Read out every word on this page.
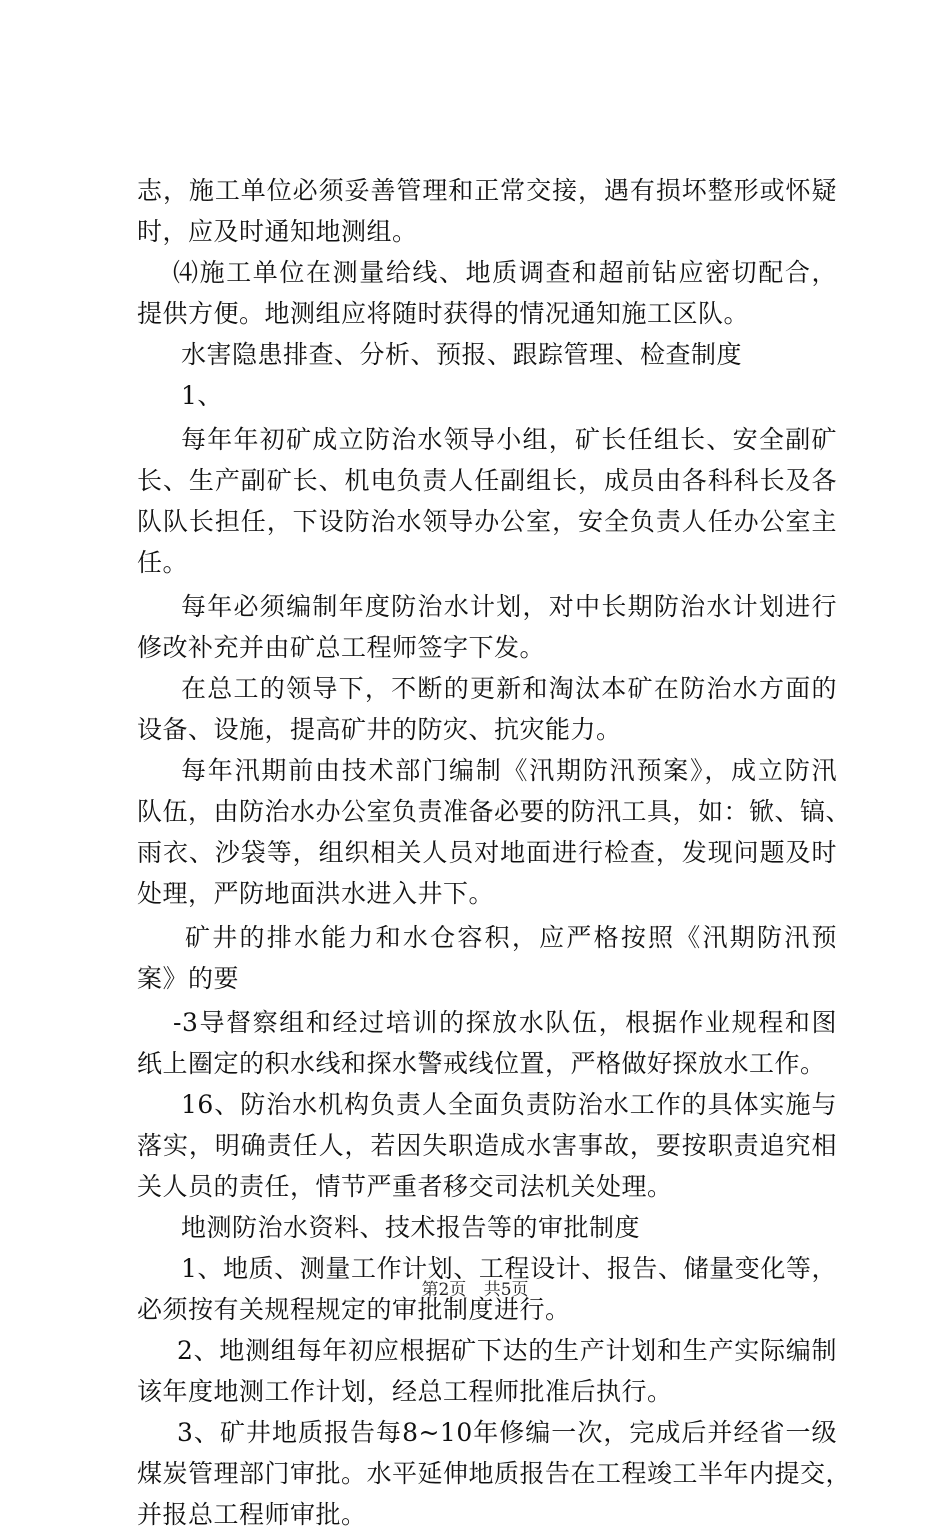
志，施工单位必须妥善管理和正常交接，遇有损坏整形或怀疑
时，应及时通知地测组。
⑷施工单位在测量给线、地质调查和超前钻应密切配合，
提供方便。地测组应将随时获得的情况通知施工区队。
水害隐患排查、分析、预报、跟踪管理、检查制度
1、
每年年初矿成立防治水领导小组，矿长任组长、安全副矿
长、生产副矿长、机电负责人任副组长，成员由各科科长及各
队队长担任，下设防治水领导办公室，安全负责人任办公室主
任。
每年必须编制年度防治水计划，对中长期防治水计划进行
修改补充并由矿总工程师签字下发。
在总工的领导下，不断的更新和淘汰本矿在防治水方面的
设备、设施，提高矿井的防灾、抗灾能力。
每年汛期前由技术部门编制《汛期防汛预案》，成立防汛
队伍，由防治水办公室负责准备必要的防汛工具，如：锨、镐、
雨衣、沙袋等，组织相关人员对地面进行检查，发现问题及时
处理，严防地面洪水进入井下。
矿井的排水能力和水仓容积，应严格按照《汛期防汛预
案》的要
-3导督察组和经过培训的探放水队伍，根据作业规程和图
纸上圈定的积水线和探水警戒线位置，严格做好探放水工作。
16、防治水机构负责人全面负责防治水工作的具体实施与
落实，明确责任人，若因失职造成水害事故，要按职责追究相
关人员的责任，情节严重者移交司法机关处理。
地测防治水资料、技术报告等的审批制度
1、地质、测量工作计划、工程设计、报告、储量变化等，
必须按有关规程规定的审批制度进行。
2、地测组每年初应根据矿下达的生产计划和生产实际编制
该年度地测工作计划，经总工程师批准后执行。
3、矿井地质报告每8~10年修编一次，完成后并经省一级
煤炭管理部门审批。水平延伸地质报告在工程竣工半年内提交，
并报总工程师审批。
第2页 共5页
